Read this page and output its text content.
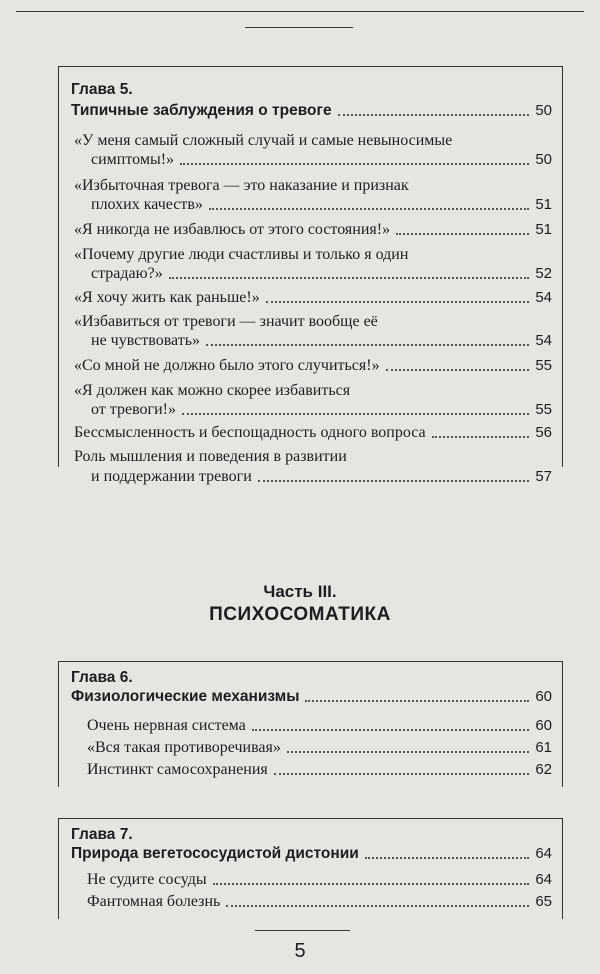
Глава 5.
Типичные заблуждения о тревоге	50
«У меня самый сложный случай и самые невыносимые
симптомы!»	50
«Избыточная тревога — это наказание и признак
плохих качеств»	51
«Я никогда не избавлюсь от этого состояния!»	51
«Почему другие люди счастливы и только я один
страдаю?»	52
«Я хочу жить как раньше!»	54
«Избавиться от тревоги — значит вообще её
не чувствовать»	54
«Со мной не должно было этого случиться!»	55
«Я должен как можно скорее избавиться
от тревоги!»	55
Бессмысленность и беспощадность одного вопроса	56
Роль мышления и поведения в развитии
и поддержании тревоги	57
Часть III.
ПСИХОСОМАТИКА
Глава 6.
Физиологические механизмы	60
Очень нервная система	60
«Вся такая противоречивая»	61
Инстинкт самосохранения	62
Глава 7.
Природа вегетососудистой дистонии	64
Не судите сосуды	64
Фантомная болезнь	65
5
